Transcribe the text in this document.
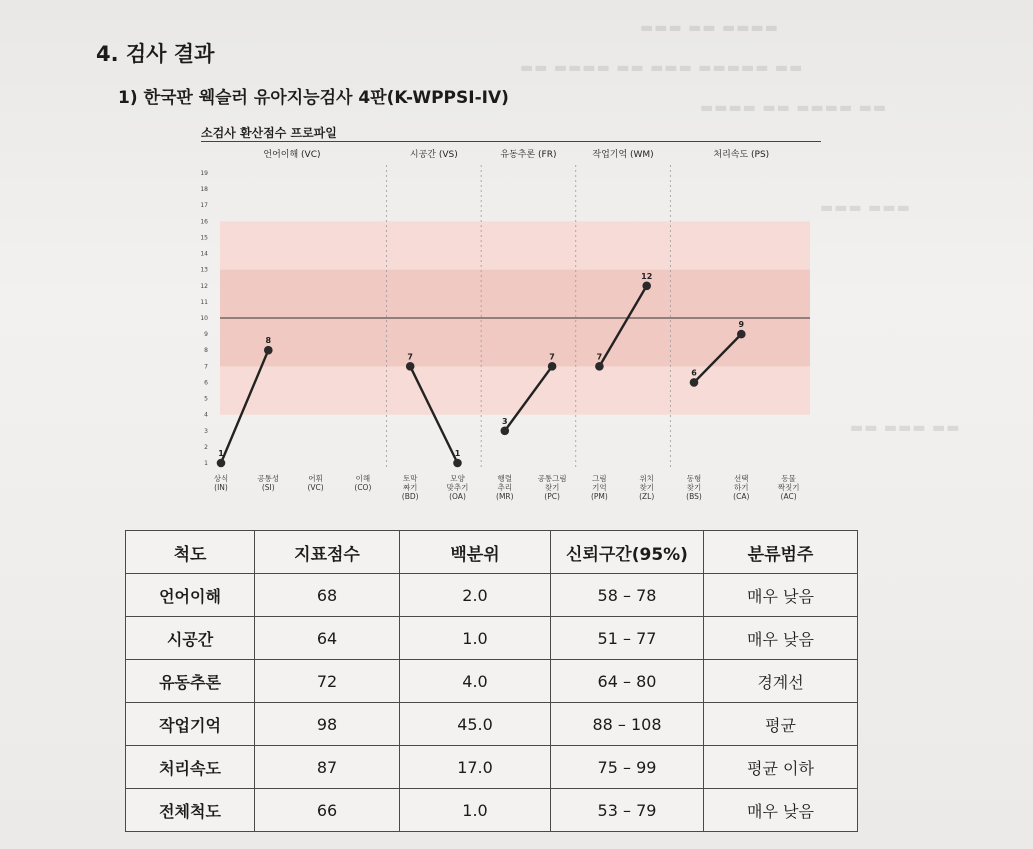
▬▬▬ ▬▬ ▬▬▬▬
▬▬ ▬▬▬▬ ▬▬ ▬▬▬ ▬▬▬▬▬ ▬▬
▬▬▬▬ ▬▬ ▬▬▬▬ ▬▬
▬▬▬ ▬▬▬
▬▬ ▬▬▬ ▬▬
4. 검사 결과
1) 한국판 웩슬러 유아지능검사 4판(K-WPPSI-IV)
소검사 환산점수 프로파일
1
2
3
4
5
6
7
8
9
10
11
12
13
14
15
16
17
18
19
언어이해 (VC)	시공간 (VS)	유동추론 (FR)	작업기억 (WM)	처리속도 (PS)
상식 (IN)
공통성 (SI)
어휘 (VC)
이해 (CO)
토막 짜기 (BD)
모양 맞추기 (OA)
행렬 추리 (MR)
공통그림 찾기 (PC)
그림 기억 (PM)
위치 찾기 (ZL)
동형 찾기 (BS)
선택 하기 (CA)
동물 짝짓기 (AC)
1
8
7
1
3
7	7
12
6
9
척도	지표점수	백분위	신뢰구간(95%)	분류범주
언어이해	68	2.0	58 – 78	매우 낮음
시공간	64	1.0	51 – 77	매우 낮음
유동추론	72	4.0	64 – 80	경계선
작업기억	98	45.0	88 – 108	평균
처리속도	87	17.0	75 – 99	평균 이하
전체척도	66	1.0	53 – 79	매우 낮음
